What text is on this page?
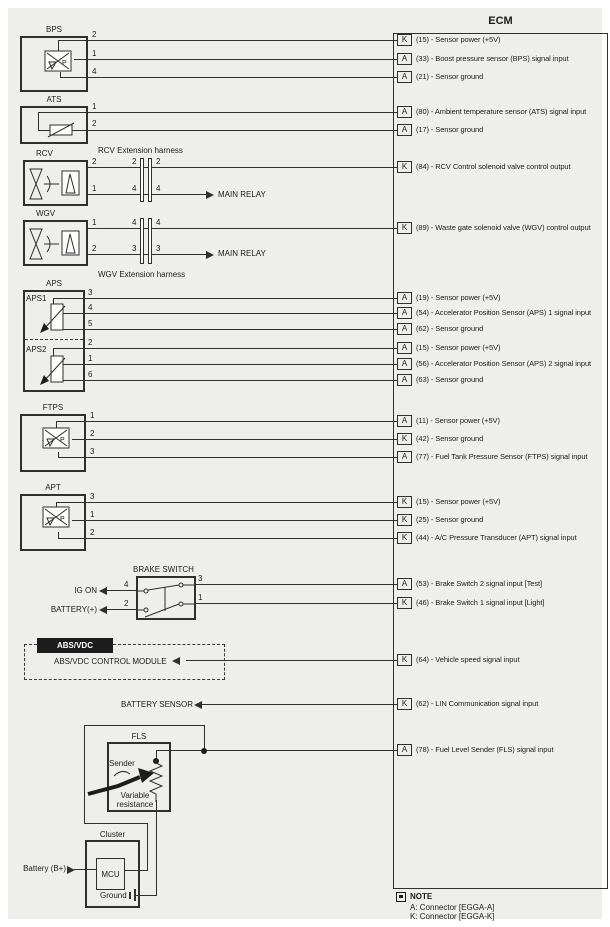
BPS
P
2
1
4
ATS
1
2
RCV	RCV Extension harness
2
1
2 2
4 4
MAIN RELAY
WGV
1
2
4 4
3 3
MAIN RELAY
WGV Extension harness
APS
APS1
APS2
3
4
5
2
1
6
FTPS
P
1
2
3
APT
P
3
1
2
BRAKE SWITCH
3
1
4
2
IG ON
BATTERY(+)
ABS/VDC
ABS/VDC CONTROL MODULE
BATTERY SENSOR
FLS
Sender
Variable
resistance
Cluster
MCU
Battery (B+)
Ground
ECM
K	(15) - Sensor power (+5V)
A	(33) - Boost pressure sensor (BPS) signal input
A	(21) - Sensor ground
A	(80) - Ambient temperature sensor (ATS) signal input
A	(17) - Sensor ground
K	(84) - RCV Control solenoid valve control output
K	(89) - Waste gate solenoid valve (WGV) control output
A	(19) - Sensor power (+5V)
A	(54) - Accelerator Position Sensor (APS) 1 signal input
A	(62) - Sensor ground
A	(15) - Sensor power (+5V)
A	(56) - Accelerator Position Sensor (APS) 2 signal input
A	(63) - Sensor ground
A	(11) - Sensor power (+5V)
K	(42) - Sensor ground
A	(77) - Fuel Tank Pressure Sensor (FTPS) signal input
K	(15) - Sensor power (+5V)
K	(25) - Sensor ground
K	(44) - A/C Pressure Transducer (APT) signal input
A	(53) - Brake Switch 2 signal input [Test]
K	(46) - Brake Switch 1 signal input [Light]
K	(64) - Vehicle speed signal input
K	(62) - LIN Communication signal input
A	(78) - Fuel Level Sender (FLS) signal input
NOTE
A: Connector [EGGA-A]
K: Connector [EGGA-K]
